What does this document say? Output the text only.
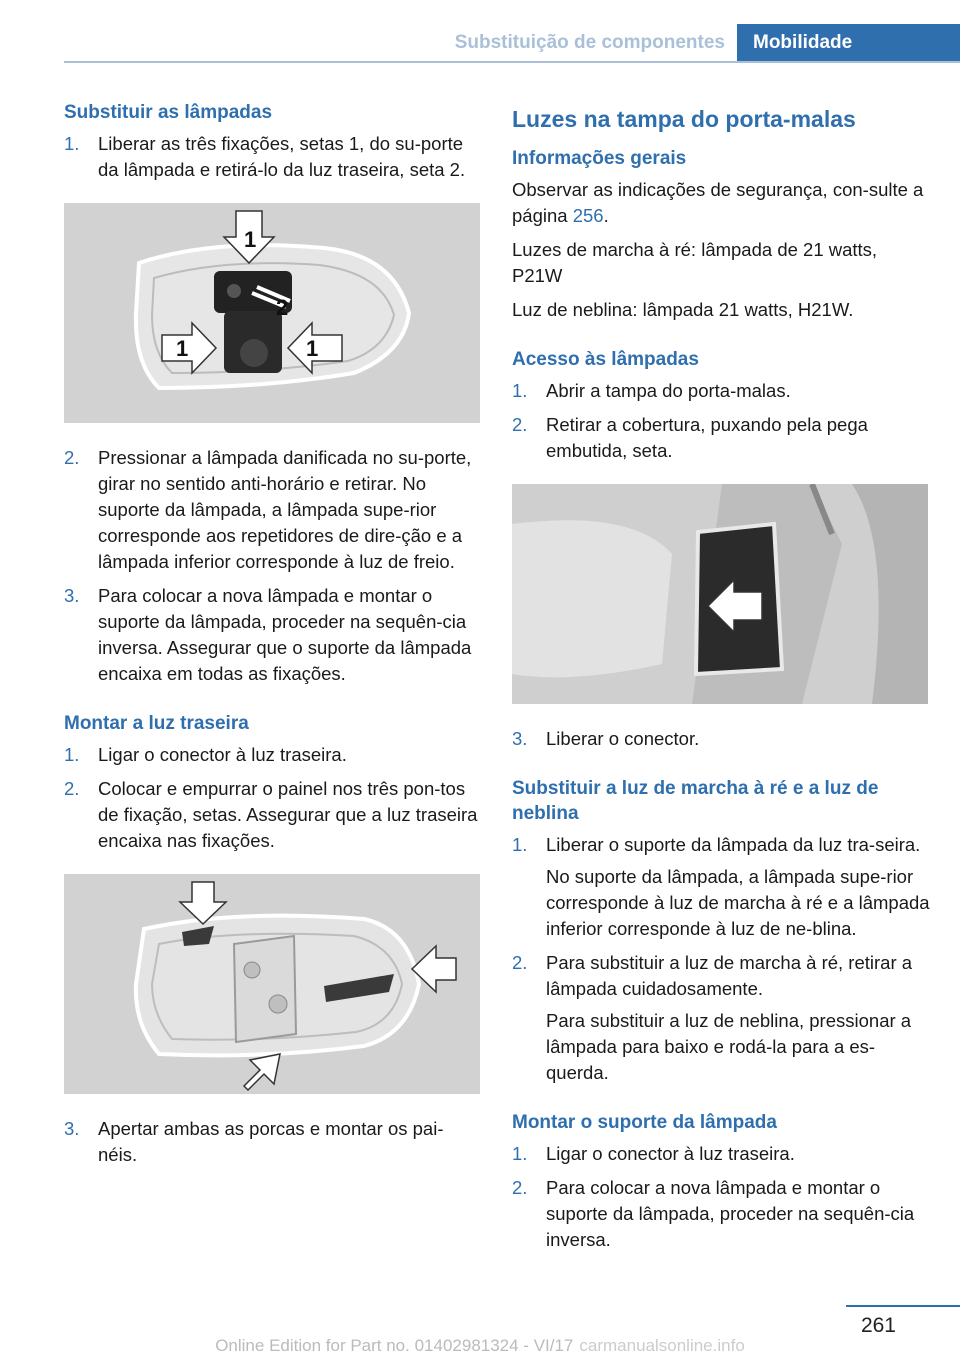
Substituição de componentes	Mobilidade
Substituir as lâmpadas
1. Liberar as três fixações, setas 1, do su‐porte da lâmpada e retirá-lo da luz traseira, seta 2.
1
2
1	1
2. Pressionar a lâmpada danificada no su‐porte, girar no sentido anti-horário e retirar. No suporte da lâmpada, a lâmpada supe‐rior corresponde aos repetidores de dire‐ção e a lâmpada inferior corresponde à luz de freio.
3. Para colocar a nova lâmpada e montar o suporte da lâmpada, proceder na sequên‐cia inversa. Assegurar que o suporte da lâmpada encaixa em todas as fixações.
Montar a luz traseira
1. Ligar o conector à luz traseira.
2. Colocar e empurrar o painel nos três pon‐tos de fixação, setas. Assegurar que a luz traseira encaixa nas fixações.
3. Apertar ambas as porcas e montar os pai‐néis.
Luzes na tampa do porta-malas
Informações gerais

Observar as indicações de segurança, con‐sulte a página 256.

Luzes de marcha à ré: lâmpada de 21 watts, P21W

Luz de neblina: lâmpada 21 watts, H21W.

Acesso às lâmpadas
1. Abrir a tampa do porta-malas.
2. Retirar a cobertura, puxando pela pega embutida, seta.
3. Liberar o conector.
Substituir a luz de marcha à ré e a luz de neblina
1. Liberar o suporte da lâmpada da luz tra‐seira.
No suporte da lâmpada, a lâmpada supe‐rior corresponde à luz de marcha à ré e a lâmpada inferior corresponde à luz de ne‐blina.
2. Para substituir a luz de marcha à ré, retirar a lâmpada cuidadosamente.
Para substituir a luz de neblina, pressionar a lâmpada para baixo e rodá-la para a es‐querda.
Montar o suporte da lâmpada
1. Ligar o conector à luz traseira.
2. Para colocar a nova lâmpada e montar o suporte da lâmpada, proceder na sequên‐cia inversa.
261
Online Edition for Part no. 01402981324 - VI/17 carmanualsonline.info
